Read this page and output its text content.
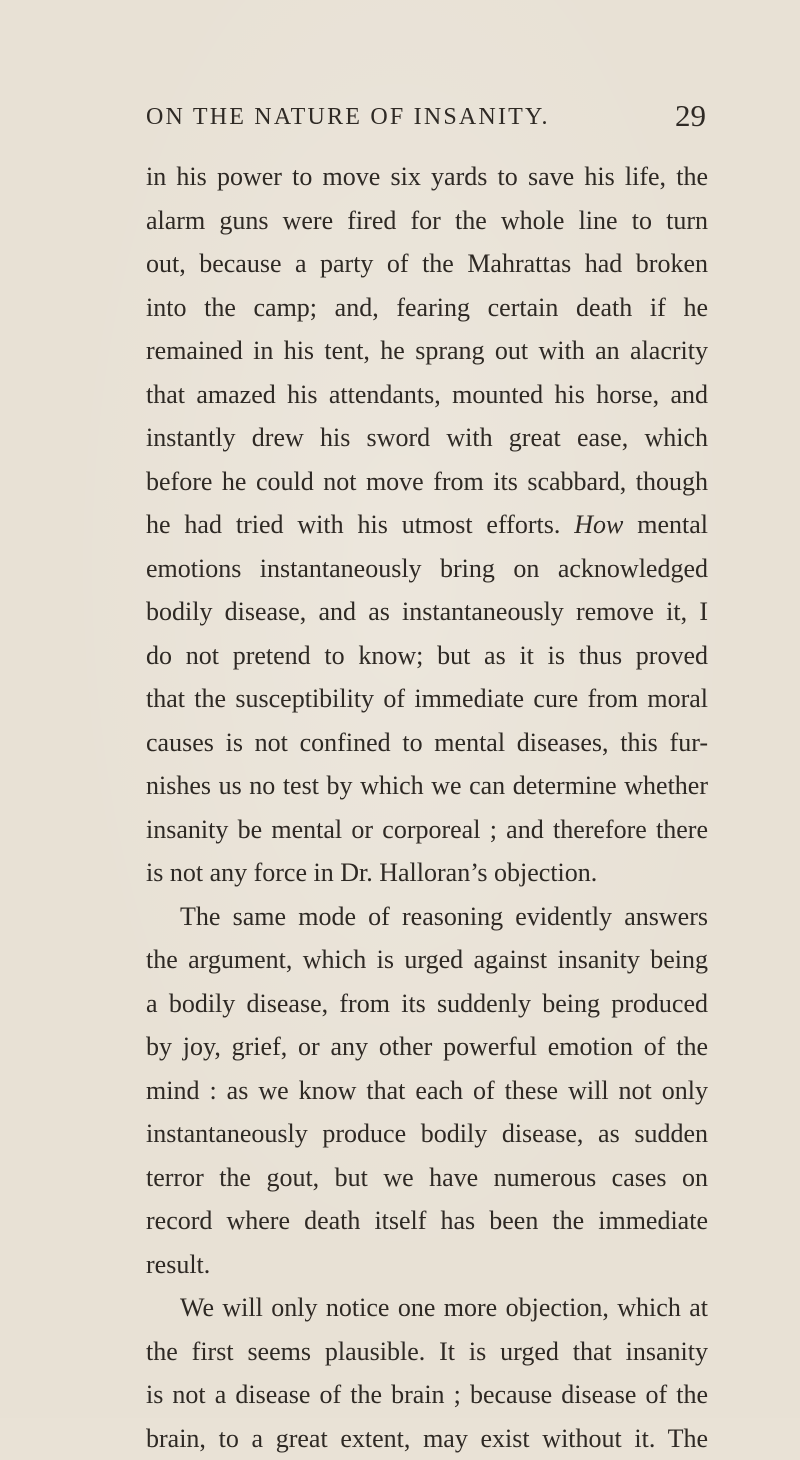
ON THE NATURE OF INSANITY.	29
in his power to move six yards to save his life, the
alarm guns were fired for the whole line to turn
out, because a party of the Mahrattas had broken
into the camp; and, fearing certain death if he
remained in his tent, he sprang out with an alacrity
that amazed his attendants, mounted his horse, and
instantly drew his sword with great ease, which
before he could not move from its scabbard, though
he had tried with his utmost efforts. How mental
emotions instantaneously bring on acknowledged
bodily disease, and as instantaneously remove it, I
do not pretend to know; but as it is thus proved
that the susceptibility of immediate cure from moral
causes is not confined to mental diseases, this fur-
nishes us no test by which we can determine whether
insanity be mental or corporeal ; and therefore there
is not any force in Dr. Halloran’s objection.
The same mode of reasoning evidently answers
the argument, which is urged against insanity being
a bodily disease, from its suddenly being produced
by joy, grief, or any other powerful emotion of the
mind : as we know that each of these will not only
instantaneously produce bodily disease, as sudden
terror the gout, but we have numerous cases on
record where death itself has been the immediate
result.
We will only notice one more objection, which at
the first seems plausible. It is urged that insanity
is not a disease of the brain ; because disease of the
brain, to a great extent, may exist without it. The
